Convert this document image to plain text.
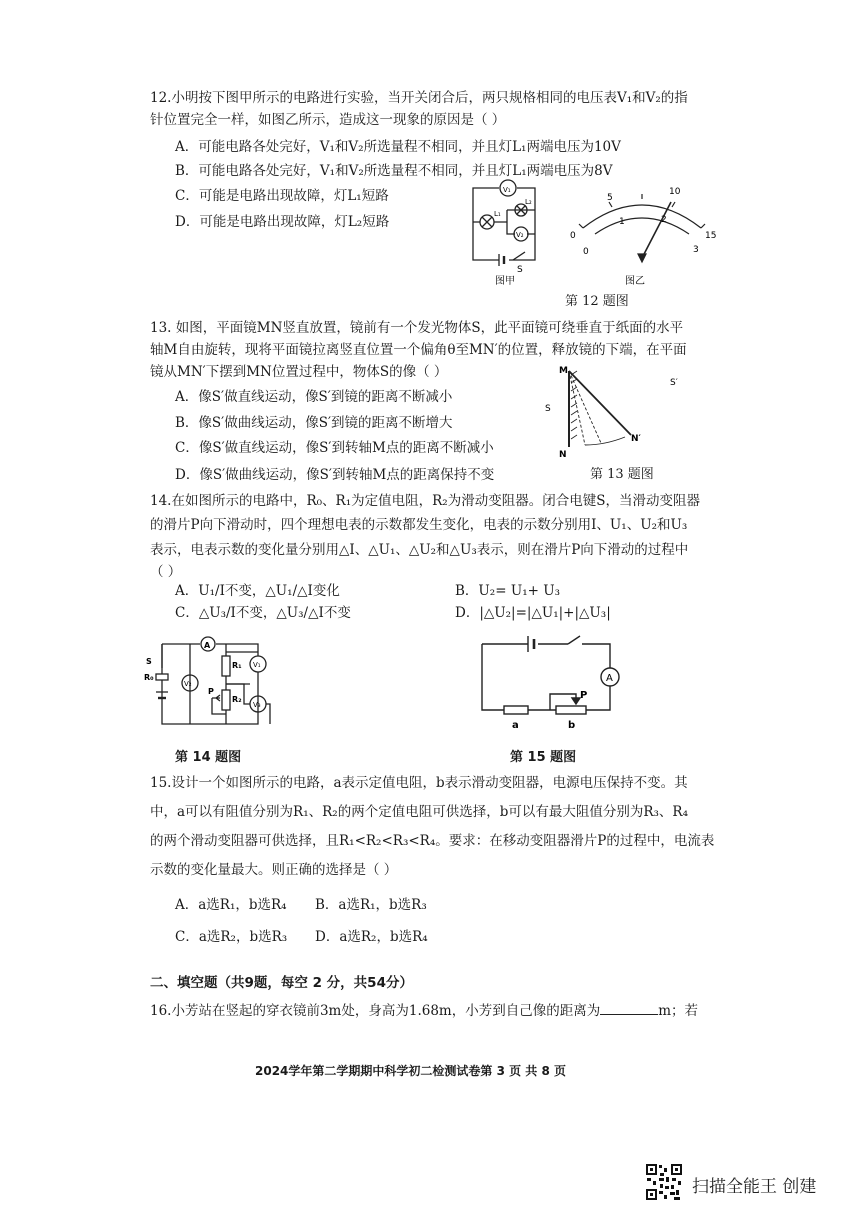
12.小明按下图甲所示的电路进行实验，当开关闭合后，两只规格相同的电压表V₁和V₂的指
针位置完全一样，如图乙所示，造成这一现象的原因是（ ）
A．可能电路各处完好，V₁和V₂所选量程不相同，并且灯L₁两端电压为10V
B．可能电路各处完好，V₁和V₂所选量程不相同，并且灯L₁两端电压为8V
C．可能是电路出现故障，灯L₁短路
D．可能是电路出现故障，灯L₂短路
V₁
L₁
L₂
V₂
S
图甲
0
5
10
15
0
1	2
3
图乙
第 12 题图
13. 如图，平面镜MN竖直放置，镜前有一个发光物体S，此平面镜可绕垂直于纸面的水平
轴M自由旋转，现将平面镜拉离竖直位置一个偏角θ至MN′的位置，释放镜的下端，在平面
镜从MN′下摆到MN位置过程中，物体S的像（ ）
A．像S′做直线运动，像S′到镜的距离不断减小
B．像S′做曲线运动，像S′到镜的距离不断增大
C．像S′做直线运动，像S′到转轴M点的距离不断减小
D．像S′做曲线运动，像S′到转轴M点的距离保持不变
M
N
N′
S
S′
第 13 题图
14.在如图所示的电路中，R₀、R₁为定值电阻，R₂为滑动变阻器。闭合电键S，当滑动变阻器
的滑片P向下滑动时，四个理想电表的示数都发生变化，电表的示数分别用I、U₁、U₂和U₃
表示，电表示数的变化量分别用△I、△U₁、△U₂和△U₃表示，则在滑片P向下滑动的过程中
（ ）
A．U₁/I不变，△U₁/△I变化	B．U₂= U₁+ U₃
C．△U₃/I不变，△U₃/△I不变	D．|△U₂|=|△U₁|+|△U₃|
A
V₂
V₁
V₃
R₁
R₂
R₀
P
S
第 14 题图
A
a	b
P
第 15 题图
15.设计一个如图所示的电路，a表示定值电阻，b表示滑动变阻器，电源电压保持不变。其
中，a可以有阻值分别为R₁、R₂的两个定值电阻可供选择，b可以有最大阻值分别为R₃、R₄
的两个滑动变阻器可供选择，且R₁<R₂<R₃<R₄。要求：在移动变阻器滑片P的过程中，电流表
示数的变化量最大。则正确的选择是（ ）
A．a选R₁，b选R₄ B．a选R₁，b选R₃
C．a选R₂，b选R₃ D．a选R₂，b选R₄
二、填空题（共9题，每空 2 分，共54分）
16.小芳站在竖起的穿衣镜前3m处，身高为1.68m，小芳到自己像的距离为	m；若
2024学年第二学期期中科学初二检测试卷第 3 页 共 8 页
扫描全能王 创建
